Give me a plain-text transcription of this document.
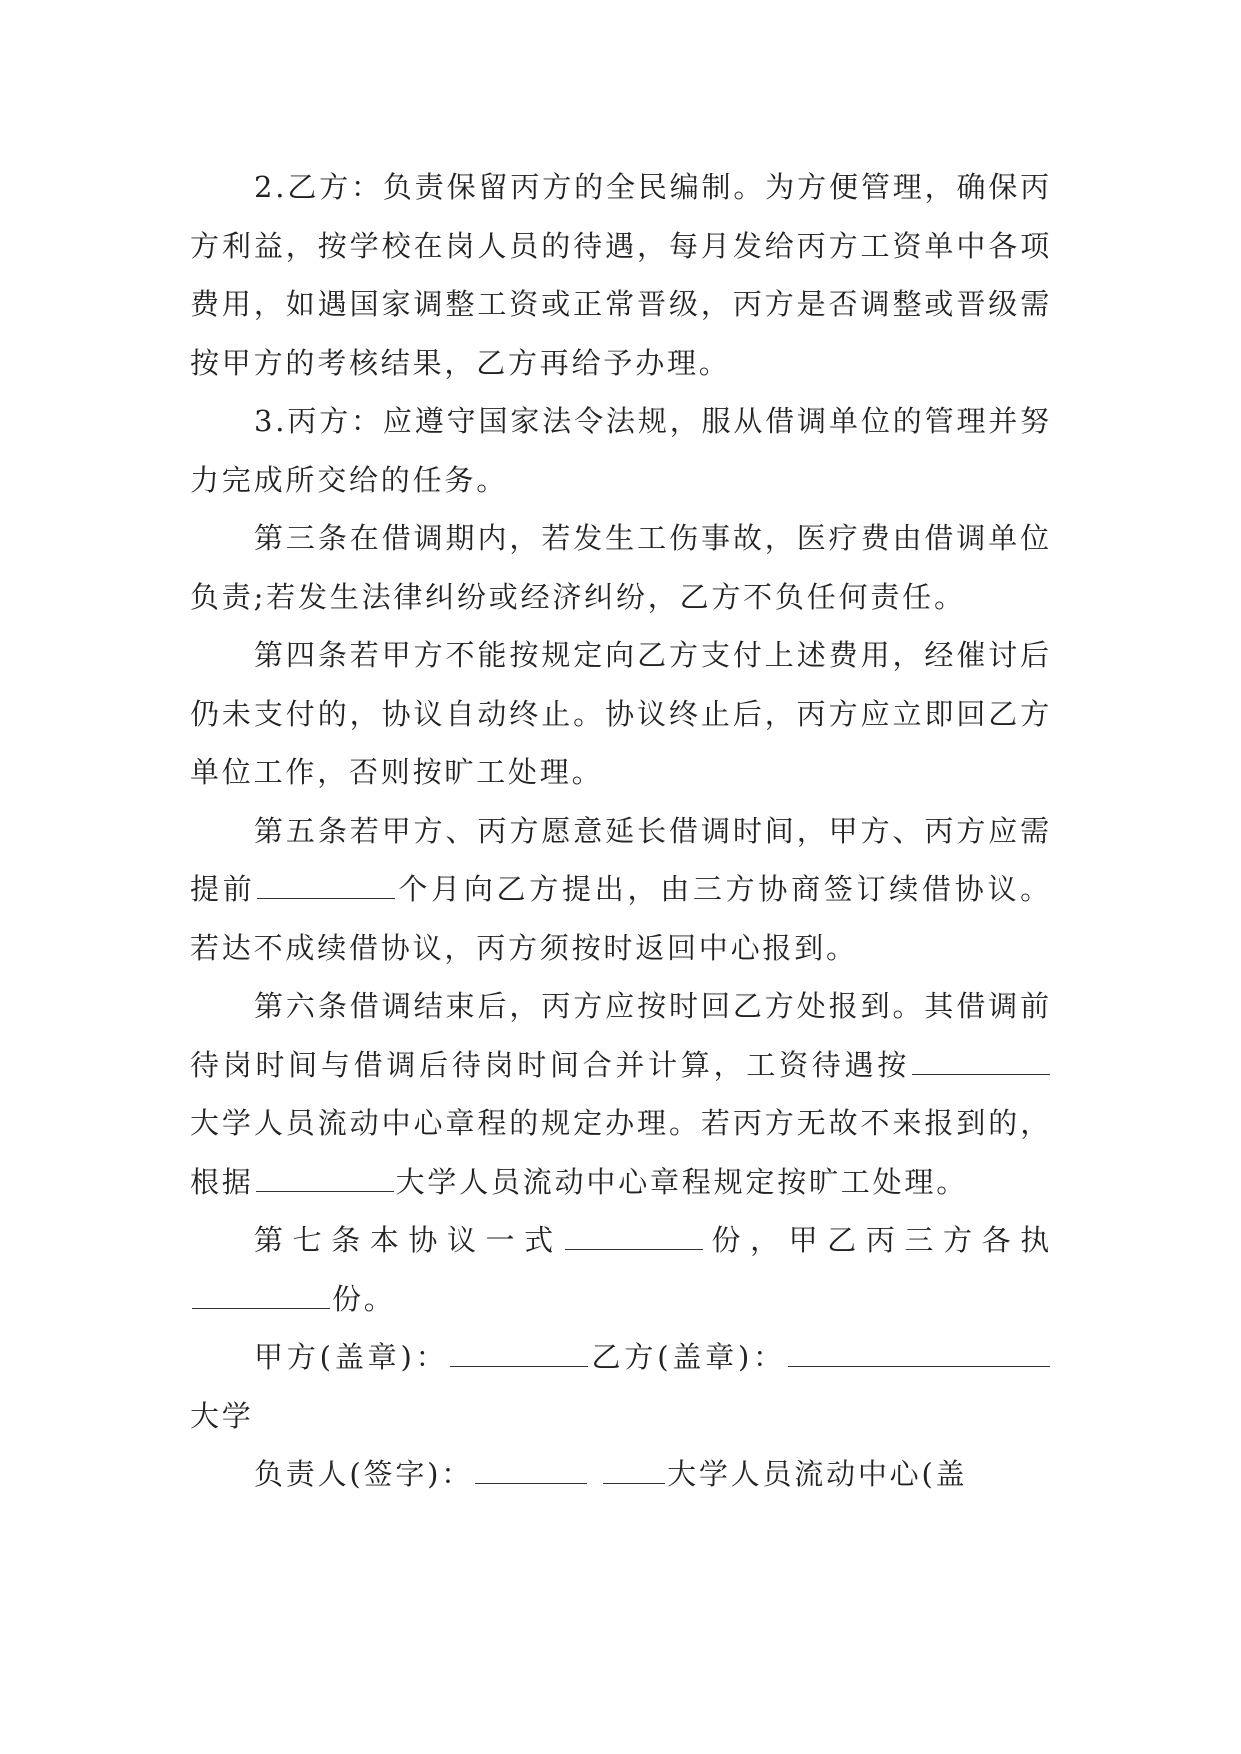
2.乙方：负责保留丙方的全民编制。为方便管理，确保丙方利益，按学校在岗人员的待遇，每月发给丙方工资单中各项费用，如遇国家调整工资或正常晋级，丙方是否调整或晋级需按甲方的考核结果，乙方再给予办理。

3.丙方：应遵守国家法令法规，服从借调单位的管理并努力完成所交给的任务。

第三条在借调期内，若发生工伤事故，医疗费由借调单位负责;若发生法律纠纷或经济纠纷，乙方不负任何责任。

第四条若甲方不能按规定向乙方支付上述费用，经催讨后仍未支付的，协议自动终止。协议终止后，丙方应立即回乙方单位工作，否则按旷工处理。

第五条若甲方、丙方愿意延长借调时间，甲方、丙方应需提前	个月向乙方提出，由三方协商签订续借协议。若达不成续借协议，丙方须按时返回中心报到。

第六条借调结束后，丙方应按时回乙方处报到。其借调前待岗时间与借调后待岗时间合并计算，工资待遇按大学人员流动中心章程的规定办理。若丙方无故不来报到的，根据	大学人员流动中心章程规定按旷工处理。

第七条本协议一式	份，甲乙丙三方各执份。

甲方(盖章)：	乙方(盖章)：大学

负责人(签字)：	大学人员流动中心(盖
